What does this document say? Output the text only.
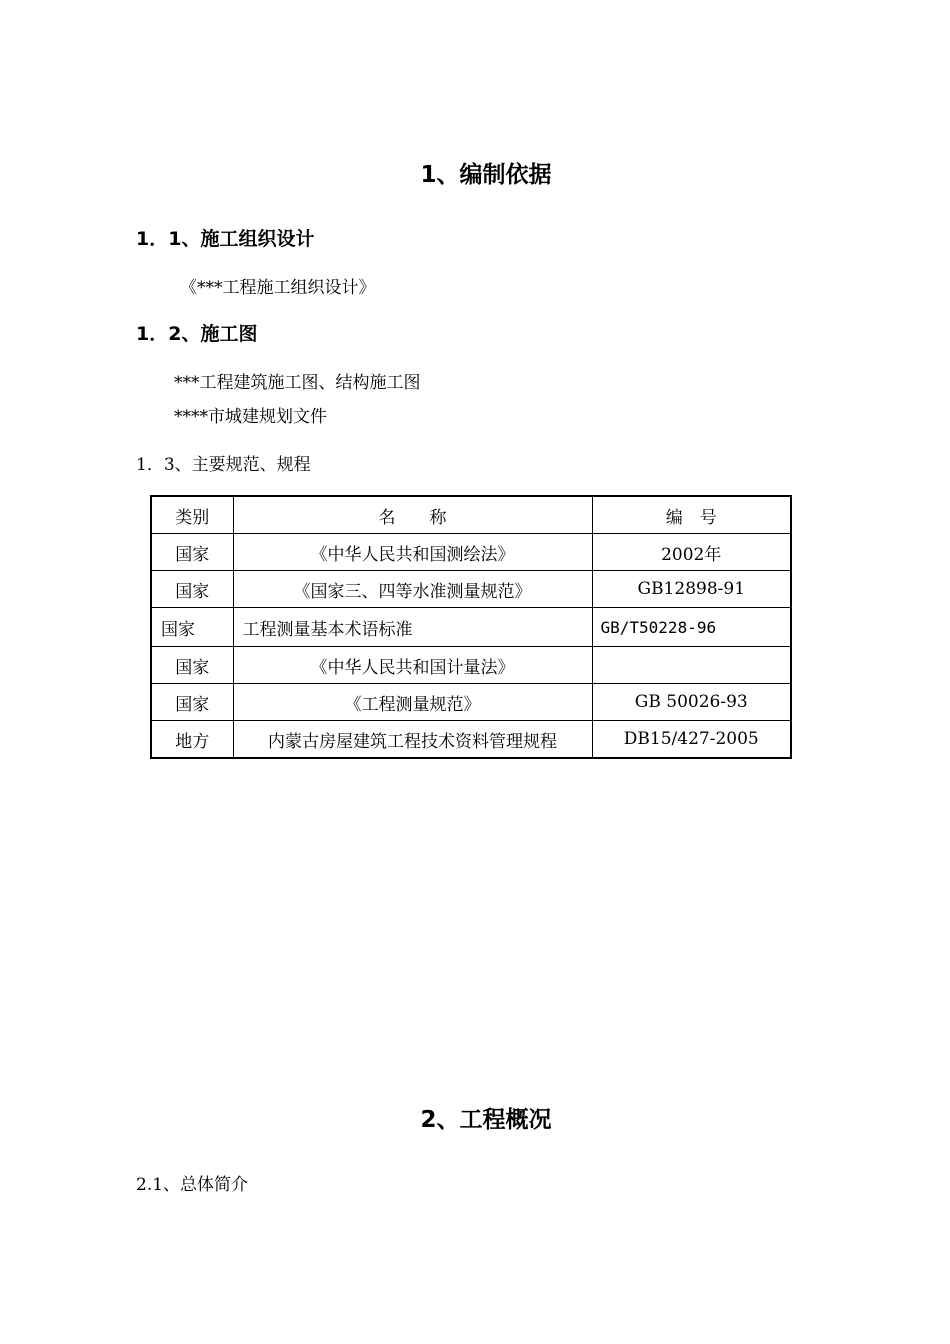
1、编制依据
1．1、施工组织设计
《***工程施工组织设计》
1．2、施工图
***工程建筑施工图、结构施工图
****市城建规划文件
1．3、主要规范、规程
类别	名　　称	编　号
国家	《中华人民共和国测绘法》	2002年
国家	《国家三、四等水准测量规范》	GB12898-91
国家	工程测量基本术语标准	GB/T50228-96
国家	《中华人民共和国计量法》	
国家	《工程测量规范》	GB 50026-93
地方	内蒙古房屋建筑工程技术资料管理规程	DB15/427-2005
2、工程概况
2.1、总体简介
